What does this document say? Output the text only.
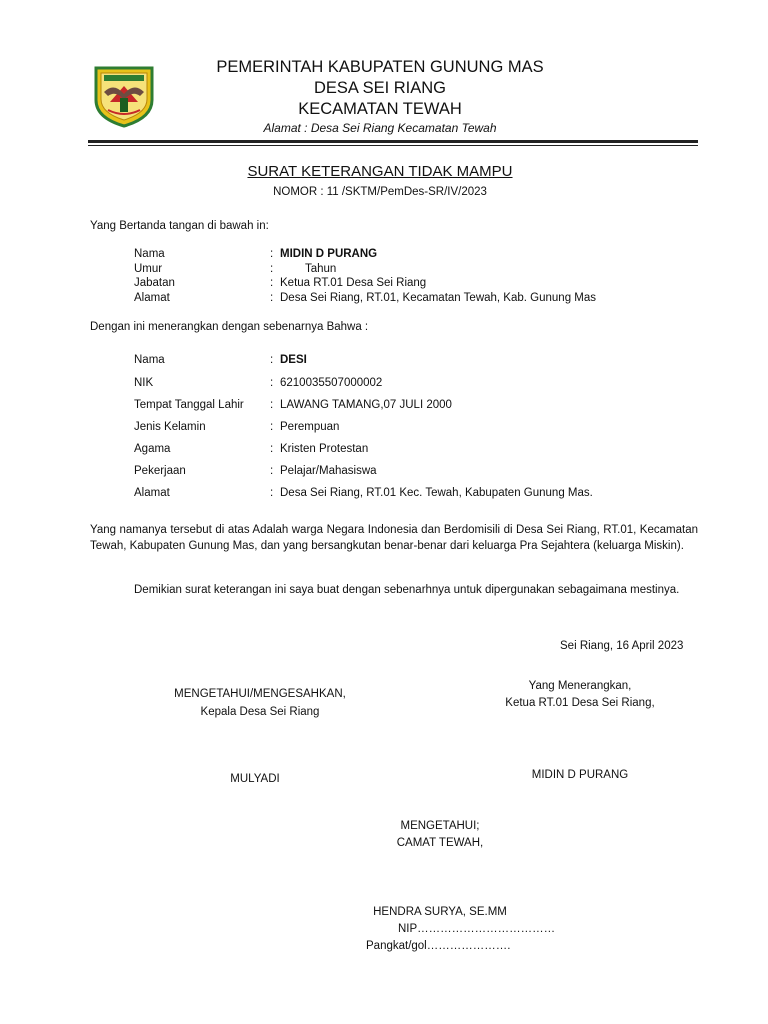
PEMERINTAH KABUPATEN GUNUNG MAS
DESA SEI RIANG
KECAMATAN TEWAH
Alamat : Desa Sei Riang Kecamatan Tewah
SURAT KETERANGAN TIDAK MAMPU
NOMOR : 11 /SKTM/PemDes-SR/IV/2023
Yang Bertanda tangan di bawah in:
Nama	: MIDIN D PURANG
Umur	:	Tahun
Jabatan	: Ketua RT.01 Desa Sei Riang
Alamat	: Desa Sei Riang, RT.01, Kecamatan Tewah, Kab. Gunung Mas
Dengan ini menerangkan dengan sebenarnya Bahwa :
Nama	: DESI
NIK	: 6210035507000002
Tempat Tanggal Lahir : LAWANG TAMANG,07 JULI 2000
Jenis Kelamin	: Perempuan
Agama	: Kristen Protestan
Pekerjaan	: Pelajar/Mahasiswa
Alamat	: Desa Sei Riang, RT.01 Kec. Tewah, Kabupaten Gunung Mas.
Yang namanya tersebut di atas Adalah warga Negara Indonesia dan Berdomisili di Desa Sei Riang, RT.01, Kecamatan Tewah, Kabupaten Gunung Mas, dan yang bersangkutan benar-benar dari keluarga Pra Sejahtera (keluarga Miskin).
Demikian surat keterangan ini saya buat dengan sebenarhnya untuk dipergunakan sebagaimana mestinya.
Sei Riang, 16 April 2023
MENGETAHUI/MENGESAHKAN,
Kepala Desa Sei Riang
MULYADI
Yang Menerangkan,
Ketua RT.01 Desa Sei Riang,
MIDIN D PURANG
MENGETAHUI;
CAMAT TEWAH,
HENDRA SURYA, SE.MM
NIP………………………………
Pangkat/gol………………….
